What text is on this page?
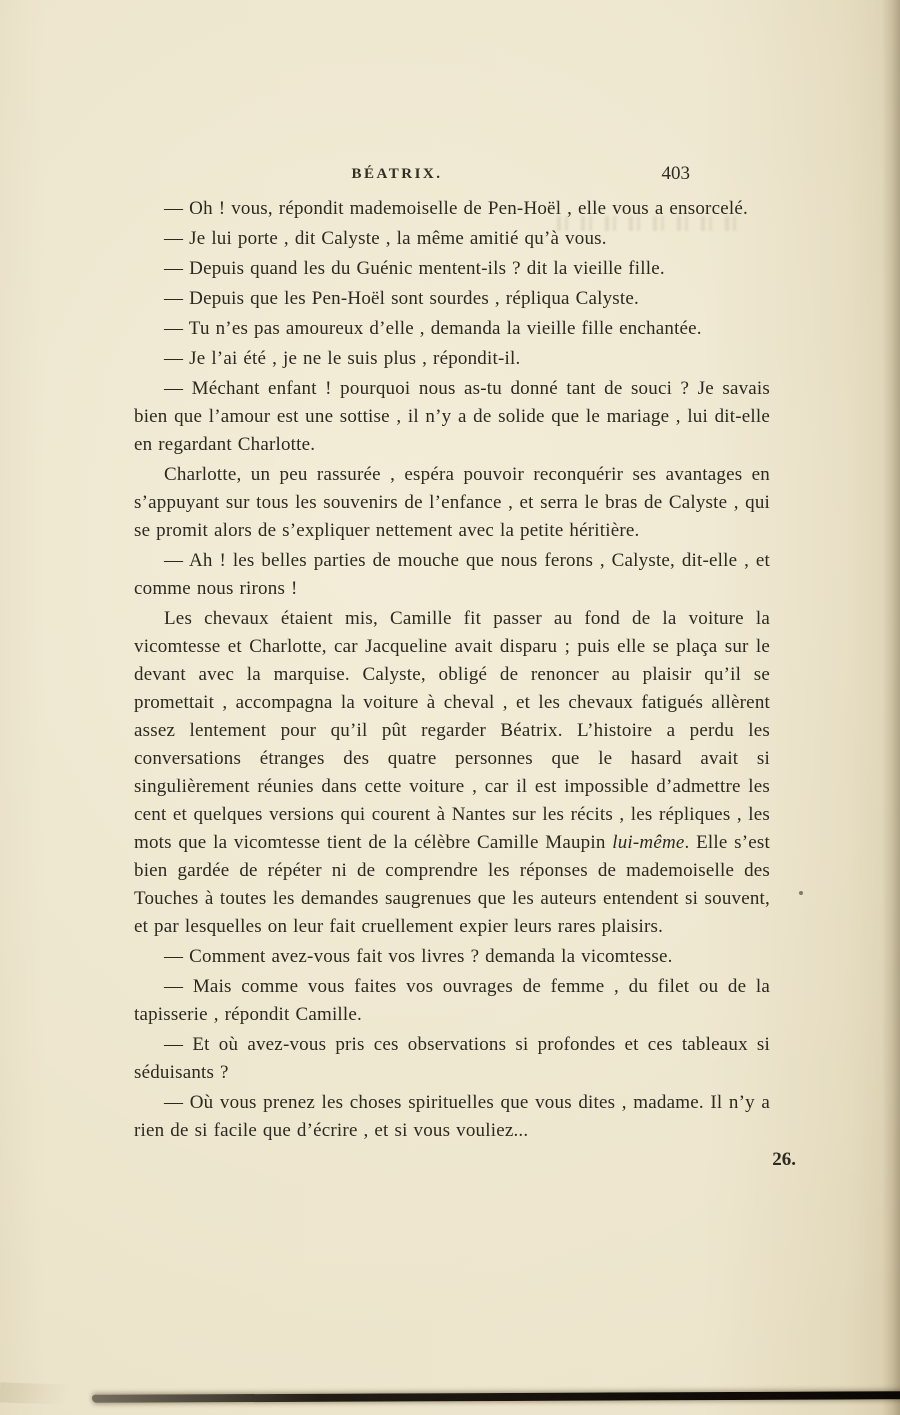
BÉATRIX.	403

— Oh ! vous, répondit mademoiselle de Pen-Hoël , elle vous a ensorcelé.

— Je lui porte , dit Calyste , la même amitié qu’à vous.

— Depuis quand les du Guénic mentent-ils ? dit la vieille fille.

— Depuis que les Pen-Hoël sont sourdes , répliqua Calyste.

— Tu n’es pas amoureux d’elle , demanda la vieille fille enchantée.

— Je l’ai été , je ne le suis plus , répondit-il.

— Méchant enfant ! pourquoi nous as-tu donné tant de souci ? Je savais bien que l’amour est une sottise , il n’y a de solide que le mariage , lui dit-elle en regardant Charlotte.

Charlotte, un peu rassurée , espéra pouvoir reconquérir ses avantages en s’appuyant sur tous les souvenirs de l’enfance , et serra le bras de Calyste , qui se promit alors de s’expliquer nettement avec la petite héritière.

— Ah ! les belles parties de mouche que nous ferons , Calyste, dit-elle , et comme nous rirons !

Les chevaux étaient mis, Camille fit passer au fond de la voiture la vicomtesse et Charlotte, car Jacqueline avait disparu ; puis elle se plaça sur le devant avec la marquise. Calyste, obligé de renoncer au plaisir qu’il se promettait , accompagna la voiture à cheval , et les chevaux fatigués allèrent assez lentement pour qu’il pût regarder Béatrix. L’histoire a perdu les conversations étranges des quatre personnes que le hasard avait si singulièrement réunies dans cette voiture , car il est impossible d’admettre les cent et quelques versions qui courent à Nantes sur les récits , les répliques , les mots que la vicomtesse tient de la célèbre Camille Maupin lui-même. Elle s’est bien gardée de répéter ni de comprendre les réponses de mademoiselle des Touches à toutes les demandes saugrenues que les auteurs entendent si souvent, et par lesquelles on leur fait cruellement expier leurs rares plaisirs.

— Comment avez-vous fait vos livres ? demanda la vicomtesse.

— Mais comme vous faites vos ouvrages de femme , du filet ou de la tapisserie , répondit Camille.

— Et où avez-vous pris ces observations si profondes et ces tableaux si séduisants ?

— Où vous prenez les choses spirituelles que vous dites , madame. Il n’y a rien de si facile que d’écrire , et si vous vouliez...

26.
